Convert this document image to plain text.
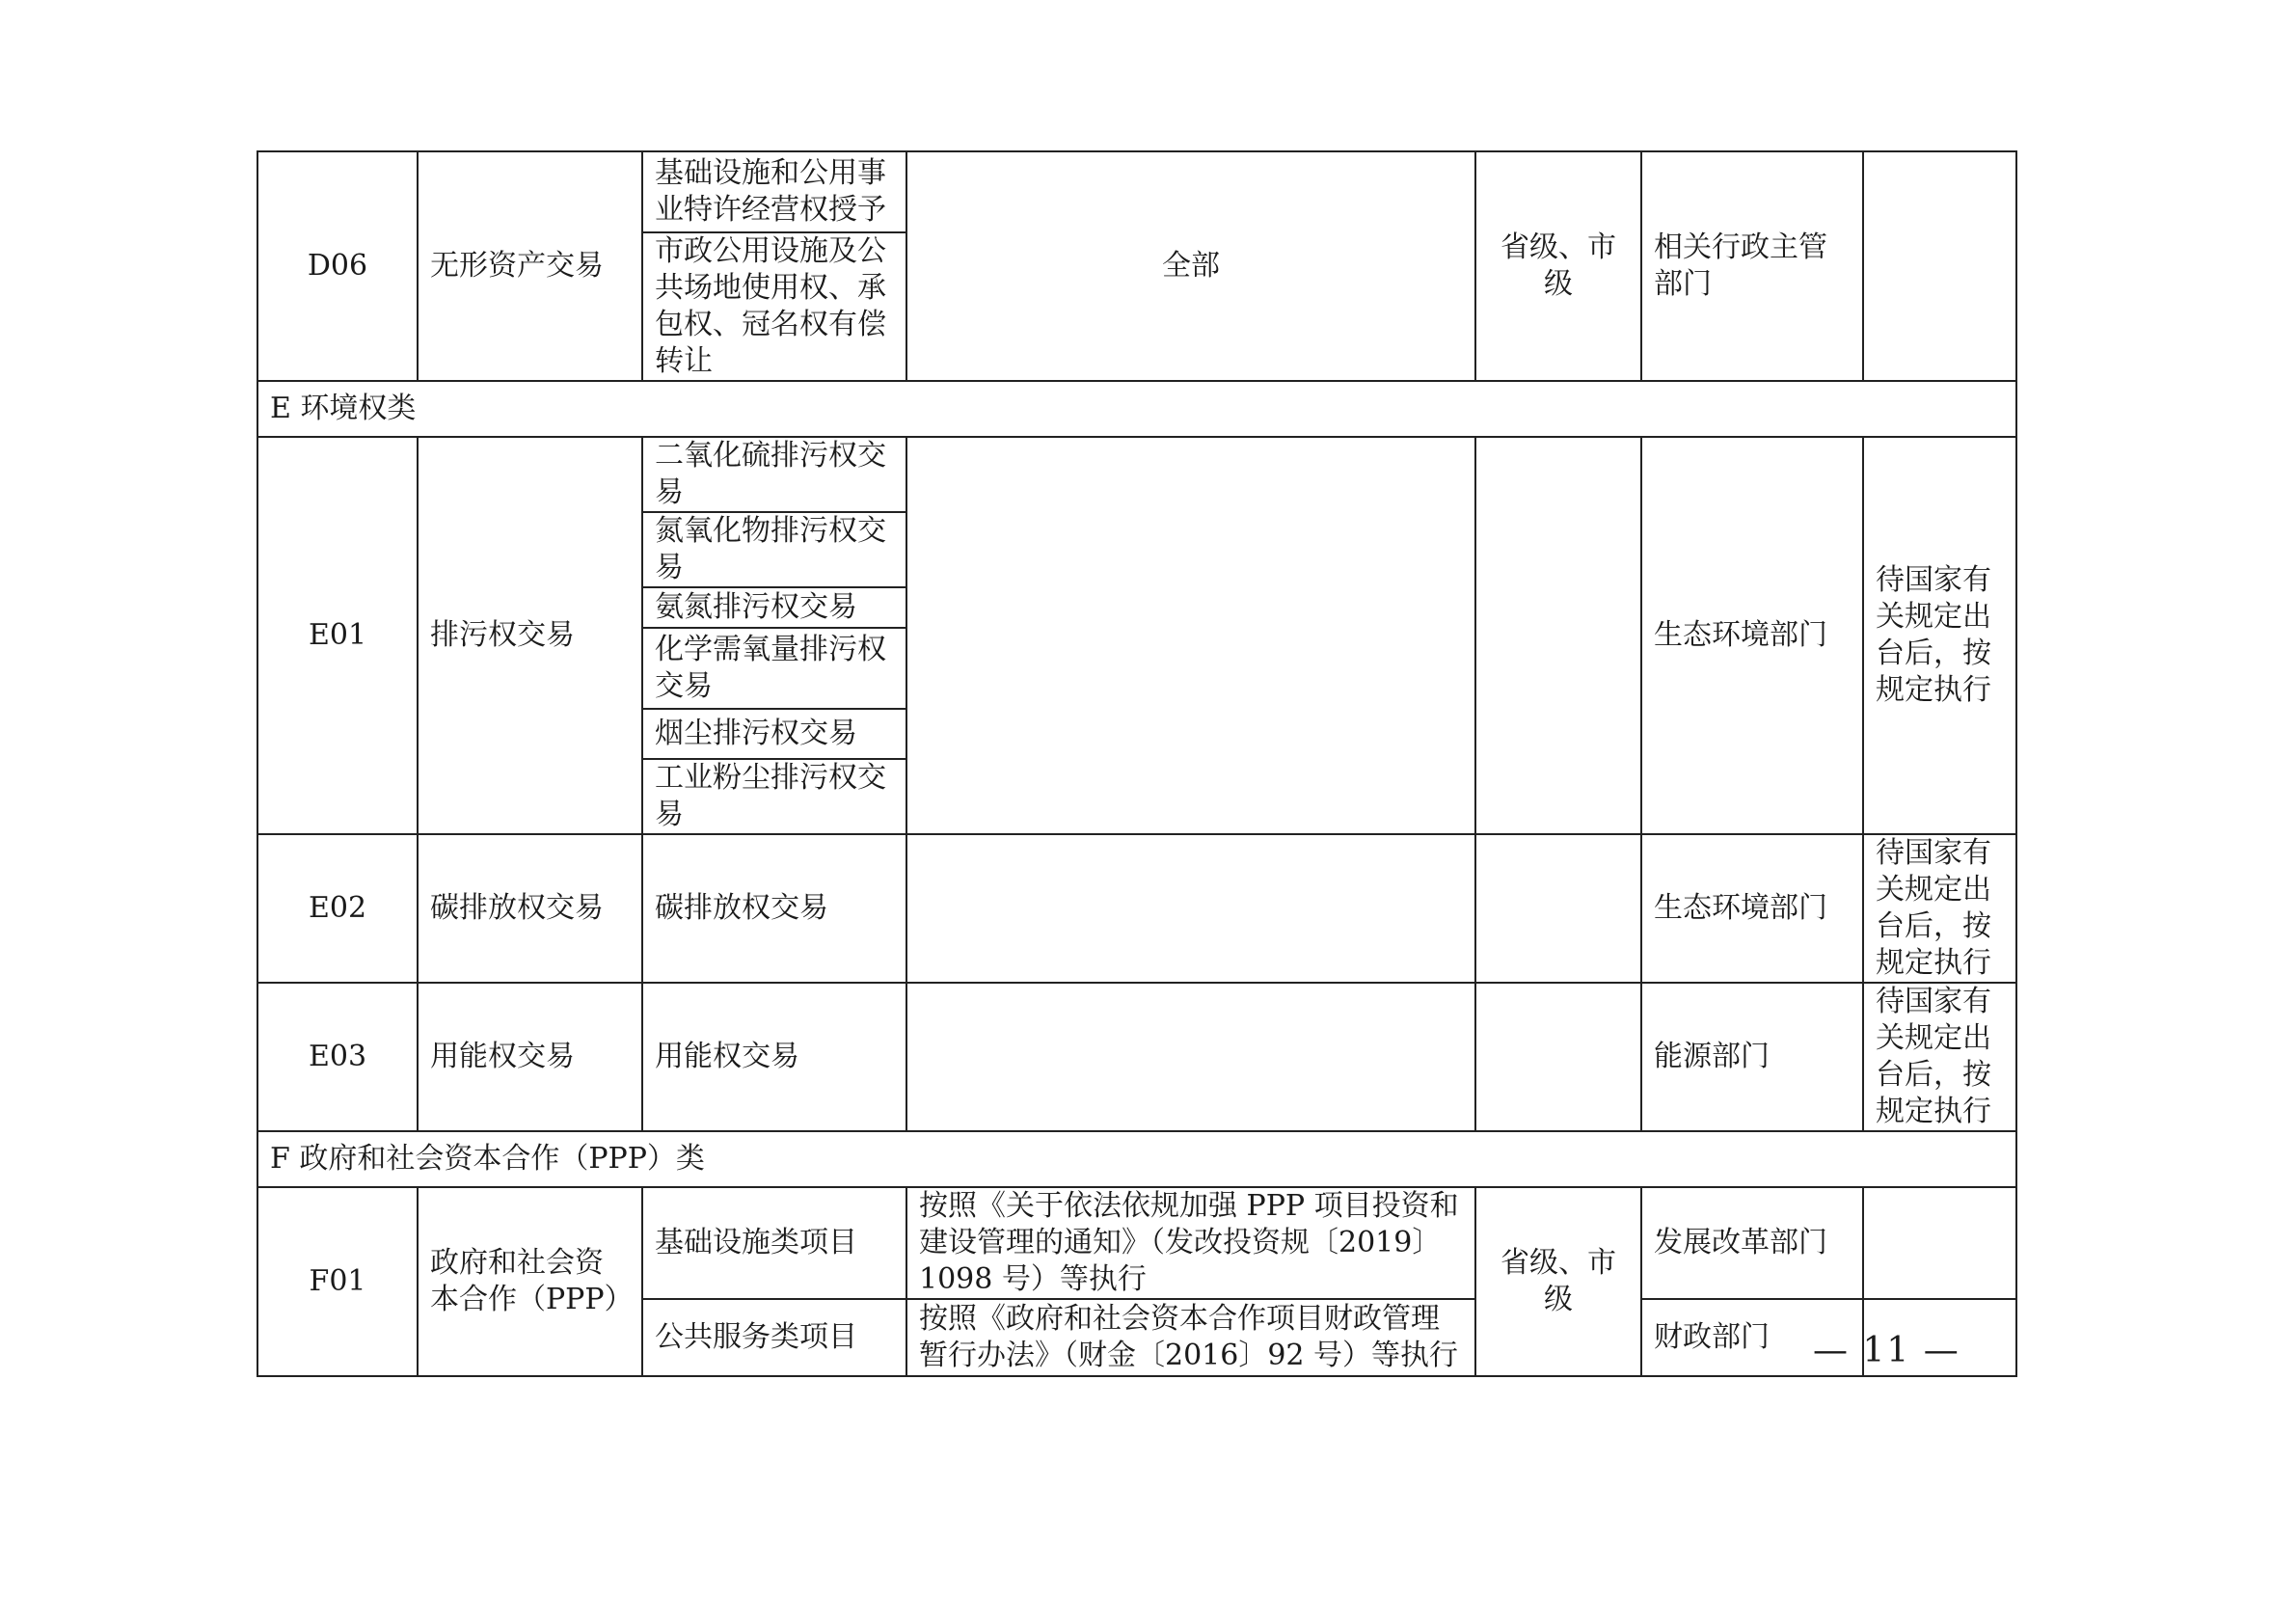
D06	无形资产交易	基础设施和公用事业特许经营权授予	全部	省级、市级	相关行政主管部门	
		市政公用设施及公共场地使用权、承包权、冠名权有偿转让				
E 环境权类						
E01	排污权交易	二氧化硫排污权交易			生态环境部门	待国家有关规定出台后，按规定执行
		氮氧化物排污权交易				
		氨氮排污权交易				
		化学需氧量排污权交易				
		烟尘排污权交易				
		工业粉尘排污权交易				
E02	碳排放权交易	碳排放权交易			生态环境部门	待国家有关规定出台后，按规定执行
E03	用能权交易	用能权交易			能源部门	待国家有关规定出台后，按规定执行
F 政府和社会资本合作（PPP）类						
F01	政府和社会资本合作（PPP）	基础设施类项目	按照《关于依法依规加强 PPP 项目投资和建设管理的通知》（发改投资规〔2019〕1098 号）等执行	省级、市级	发展改革部门	
		公共服务类项目	按照《政府和社会资本合作项目财政管理暂行办法》（财金〔2016〕92 号）等执行		财政部门	— 11 —
